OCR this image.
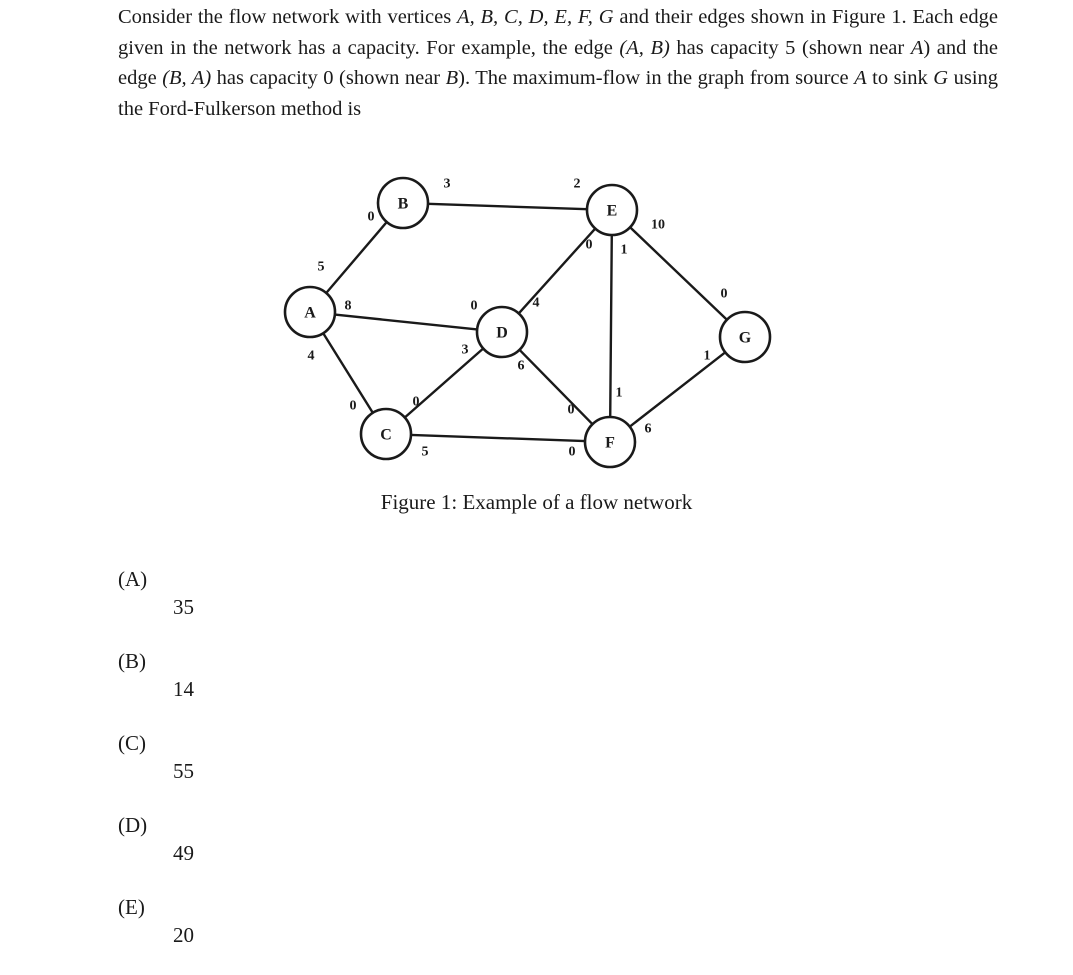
Consider the flow network with vertices A, B, C, D, E, F, G and their edges shown in Figure 1. Each edge given in the network has a capacity. For example, the edge (A, B) has capacity 5 (shown near A) and the edge (B, A) has capacity 0 (shown near B). The maximum-flow in the graph from source A to sink G using the Ford-Fulkerson method is
A
B
C
D
E
F
G
5
0
3	2
8	0
4
0	0
3
4
0
6
0
5	0
1
1
10
0
6
1
Figure 1: Example of a flow network
(A)
35
(B)
14
(C)
55
(D)
49
(E)
20
